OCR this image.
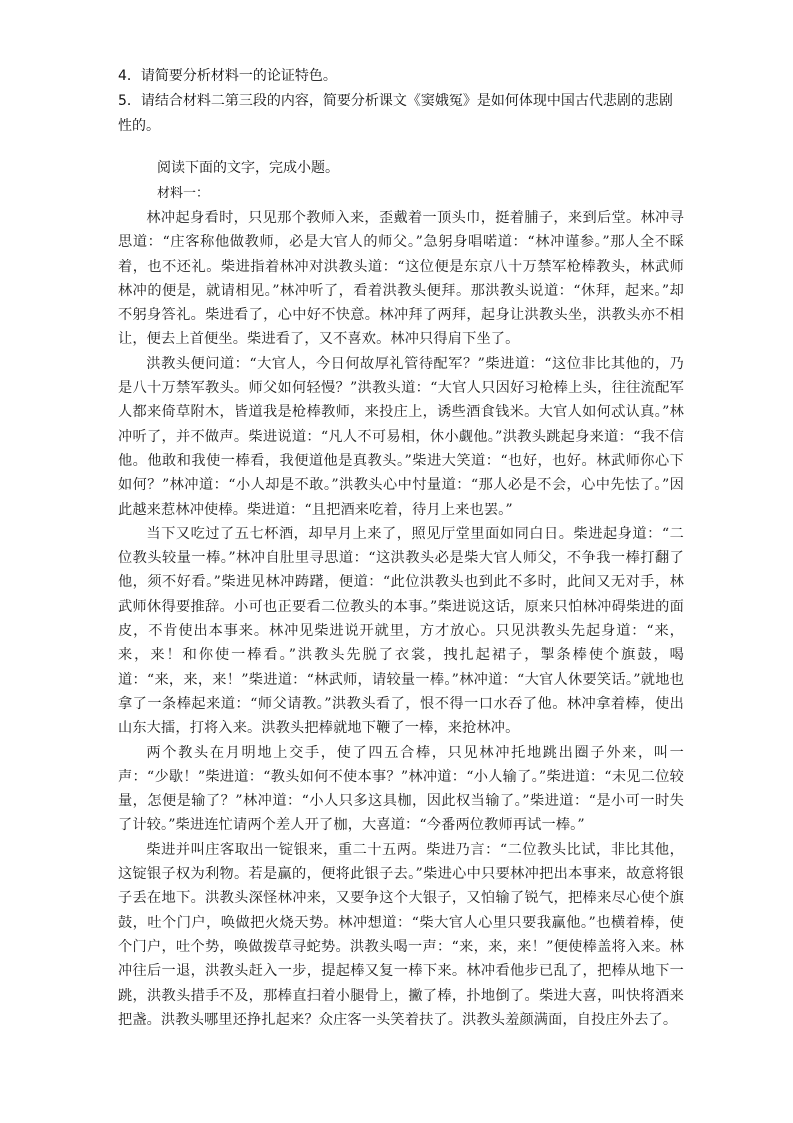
4．请简要分析材料一的论证特色。
5．请结合材料二第三段的内容，简要分析课文《窦娥冤》是如何体现中国古代悲剧的悲剧性的。
阅读下面的文字，完成小题。
材料一：

林冲起身看时，只见那个教师入来，歪戴着一顶头巾，挺着脯子，来到后堂。林冲寻思道：“庄客称他做教师，必是大官人的师父。”急躬身唱喏道：“林冲谨参。”那人全不睬着，也不还礼。柴进指着林冲对洪教头道：“这位便是东京八十万禁军枪棒教头，林武师林冲的便是，就请相见。”林冲听了，看着洪教头便拜。那洪教头说道：“休拜，起来。”却不躬身答礼。柴进看了，心中好不快意。林冲拜了两拜，起身让洪教头坐，洪教头亦不相让，便去上首便坐。柴进看了，又不喜欢。林冲只得肩下坐了。

洪教头便问道：“大官人，今日何故厚礼管待配军？”柴进道：“这位非比其他的，乃是八十万禁军教头。师父如何轻慢？”洪教头道：“大官人只因好习枪棒上头，往往流配军人都来倚草附木，皆道我是枪棒教师，来投庄上，诱些酒食钱米。大官人如何忒认真。”林冲听了，并不做声。柴进说道：“凡人不可易相，休小觑他。”洪教头跳起身来道：“我不信他。他敢和我使一棒看，我便道他是真教头。”柴进大笑道：“也好，也好。林武师你心下如何？”林冲道：“小人却是不敢。”洪教头心中忖量道：“那人必是不会，心中先怯了。”因此越来惹林冲使棒。柴进道：“且把酒来吃着，待月上来也罢。”

当下又吃过了五七杯酒，却早月上来了，照见厅堂里面如同白日。柴进起身道：“二位教头较量一棒。”林冲自肚里寻思道：“这洪教头必是柴大官人师父，不争我一棒打翻了他，须不好看。”柴进见林冲踌躇，便道：“此位洪教头也到此不多时，此间又无对手，林武师休得要推辞。小可也正要看二位教头的本事。”柴进说这话，原来只怕林冲碍柴进的面皮，不肯使出本事来。林冲见柴进说开就里，方才放心。只见洪教头先起身道：“来，来，来！和你使一棒看。”洪教头先脱了衣裳，拽扎起裙子，掣条棒使个旗鼓，喝道：“来，来，来！”柴进道：“林武师，请较量一棒。”林冲道：“大官人休要笑话。”就地也拿了一条棒起来道：“师父请教。”洪教头看了，恨不得一口水吞了他。林冲拿着棒，使出山东大擂，打将入来。洪教头把棒就地下鞭了一棒，来抢林冲。

两个教头在月明地上交手，使了四五合棒，只见林冲托地跳出圈子外来，叫一声：“少歇！”柴进道：“教头如何不使本事？”林冲道：“小人输了。”柴进道：“未见二位较量，怎便是输了？”林冲道：“小人只多这具枷，因此权当输了。”柴进道：“是小可一时失了计较。”柴进连忙请两个差人开了枷，大喜道：“今番两位教师再试一棒。”

柴进并叫庄客取出一锭银来，重二十五两。柴进乃言：“二位教头比试，非比其他，这锭银子权为利物。若是赢的，便将此银子去。”柴进心中只要林冲把出本事来，故意将银子丢在地下。洪教头深怪林冲来，又要争这个大银子，又怕输了锐气，把棒来尽心使个旗鼓，吐个门户，唤做把火烧天势。林冲想道：“柴大官人心里只要我赢他。”也横着棒，使个门户，吐个势，唤做拨草寻蛇势。洪教头喝一声：“来，来，来！”便使棒盖将入来。林冲往后一退，洪教头赶入一步，提起棒又复一棒下来。林冲看他步已乱了，把棒从地下一跳，洪教头措手不及，那棒直扫着小腿骨上，撇了棒，扑地倒了。柴进大喜，叫快将酒来把盏。洪教头哪里还挣扎起来？众庄客一头笑着扶了。洪教头羞颜满面，自投庄外去了。
